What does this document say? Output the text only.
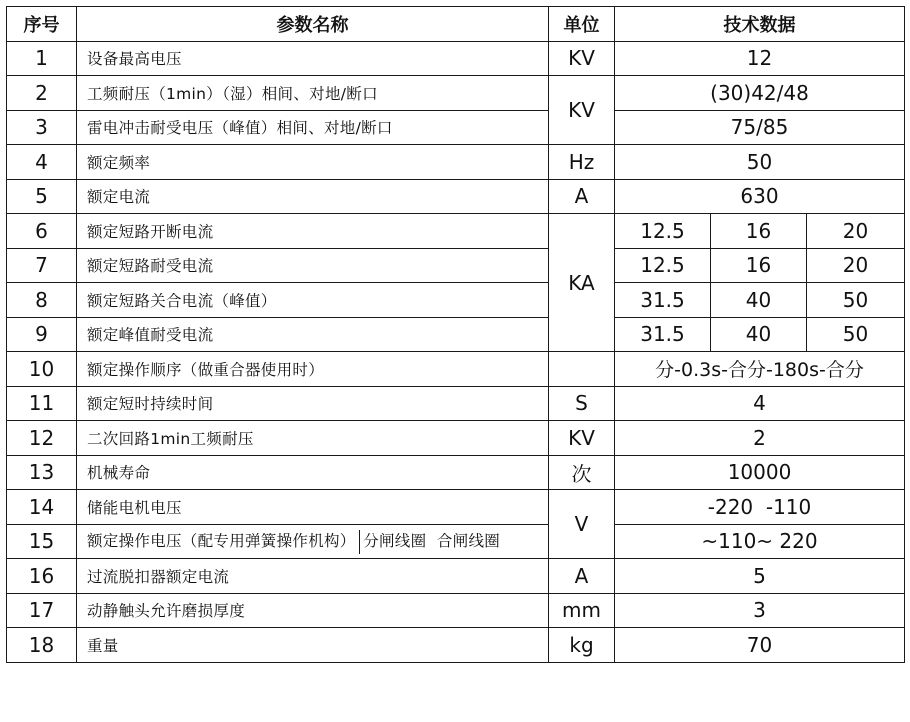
序号	参数名称	单位	技术数据		
1	设备最高电压	KV	12		
2	工频耐压（1min）（湿）相间、对地/断口	KV	(30)42/48		
3	雷电冲击耐受电压（峰值）相间、对地/断口		75/85		
4	额定频率	Hz	50		
5	额定电流	A	630		
6	额定短路开断电流	KA	12.5	16	20
7	额定短路耐受电流		12.5	16	20
8	额定短路关合电流（峰值）		31.5	40	50
9	额定峰值耐受电流		31.5	40	50
10	额定操作顺序（做重合器使用时）		分-0.3s-合分-180s-合分		
11	额定短时持续时间	S	4		
12	二次回路1min工频耐压	KV	2		
13	机械寿命	次	10000		
14	储能电机电压	V	-220  -110		
15	额定操作电压（配专用弹簧操作机构） 分闸线圈  合闸线圈		~110~ 220		
16	过流脱扣器额定电流	A	5		
17	动静触头允许磨损厚度	mm	3		
18	重量	kg	70		
